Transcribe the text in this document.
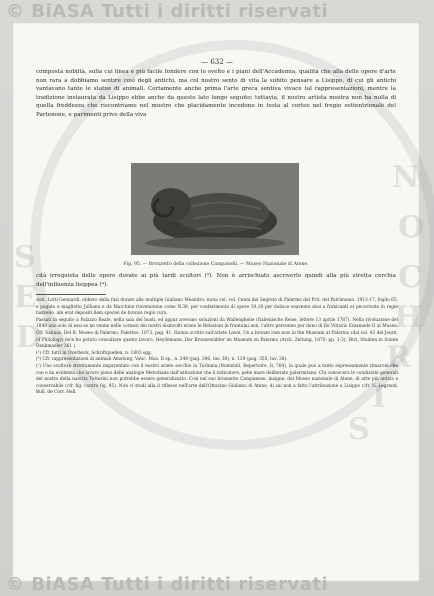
© BiASA Tutti i diritti riservati
N
O
C
H
R
I
S
S
E
D
— 632 —
composta nobiltà, sulla cui linea e più facile fondere con lo svelto e i piani dell'Accademia, qualità che alla delle opere d'arte non rara a dobbiamo sentire così degli antichi, ma col nostro sento di vita la subito pensare a Lisippo, di cui gli antichi vantavano tante le statue di animali. Certamente anche prima l'arte greca sentiva vivace tal rappresentazioni, mentre la tradizione instaurata da Lisippo ebbe anche da questo lato lungo seguito; tuttavia, il nostro artista mostra non ha nulla di quella freddezza che riscontriamo nel mostro che placidamente incedono in testa al corteo nel fregio settentrionale del Partenone, e parimenti privo della viva
Fig. 95. — Bronzetto della collezione Campanelli. — Museo Nazionale di Atene.
cità irrequieta delle opere dorate ai più tardi scultori (³). Non è arrischiato ascriverlo quindi alla più stretta cerchia dell'influenza lisippea (⁴).

dott. Lotti Gennardi, ebbero della fusi dorate alle multiple Giuliano Meandro; mota vol. vol. Cenni del Segreto di Palermo del Prit. del Patrimonio. 1913-17, foglio 65. e pagato e maglietto Julliano e da Marchine rinvenutone come N.38, per conferimento di opere 30,16 per dolisce esavente dosi a frabicanti et pecorivate in regio bazzelio, ubi erat depositi dem speciei de bronzo regio cura.

Passati in seguito a Palazzo Reale, nella sala dei busti, ed appar avevano soluzioni da Wallenghelie (Italienische Reise, lettere 13 aprile 1787). Nella rivoluzione del 1848 uno solo di essi se ne venne nelle cornesi dei nostri disinvolti erano le Relazioni in frantumi non, l'altro pervenne per dono di Re Vittorio Emanuele II al Museo. Cfr. Salinas, Del R. Museo di Palermo, Palermo, 1873, pag. 41. Hanno scritto sull'ariete Lawn, Un a bronze ram now in the Museum at Palermo (dal vol. 43 del Journ. of Philology) fece ho potuto consultare questo lavoro; Heydemann, Der Bronzewidder im Museum zu Palermo (Arch. Zeitung, 1870, pp. 1-3); Hirt, Studien in Sonne Denkmaeler 361 ).

(³) Cfr. tutti in Overbeck, Schriftquellen, n. 1803 sgg.

(⁴) Cfr. rappresentazioni di animali Amelung, Vatic. Mus. II sp., n. 249 (pag. 396, tav. 38), n. 129 (pag. 355, tav. 38).

(⁵) Uno sculture strettamente imparentato con il nostro ariete secchio la Turinnia (Rumstall, Repertoire, II, 764), la quale può a tanto espressamente rimaroni che con e da evidenza che lavoro pieno delle analogie Metodiane dall'istituzione che il indicatore, pelle mare deliberate palermitano. Chi conoscera le condizioni generali del nostro della nascita Tetterini non potrebbe essere generalizzato. Così nel suo bronzetto Campanese, insigne, del Museo nazionale di Atene, di arte più antica e conservabile (cfr. fig. contro fig. 95). Non ci studi alla il riflesso nell'arte dell'Ottavino Giuliano di Atene, di sai non a fatto l'attribuzione a Lisippo (cfr. U. Legrand, Bull. de Corr. Hell.

© BiASA Tutti i diritti riservati
